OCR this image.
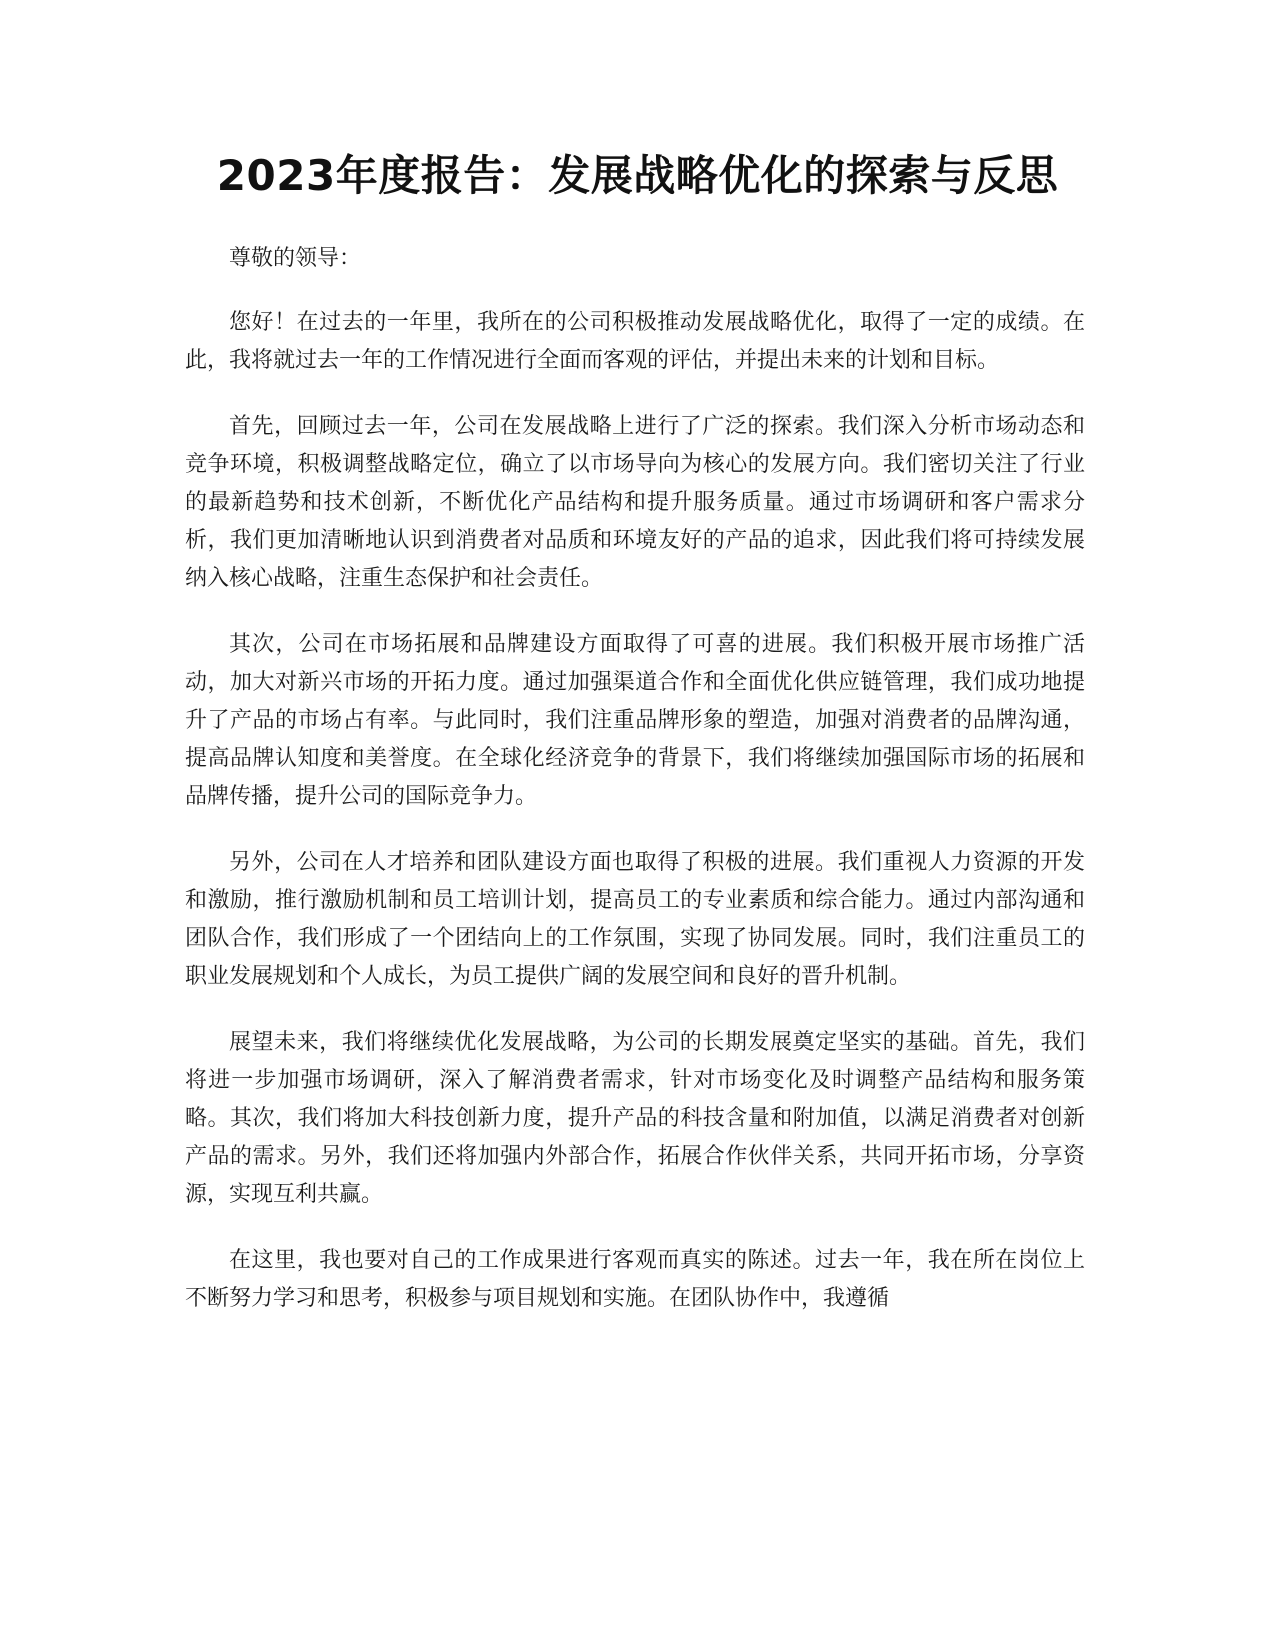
2023年度报告：发展战略优化的探索与反思

尊敬的领导：

您好！在过去的一年里，我所在的公司积极推动发展战略优化，取得了一定的成绩。在此，我将就过去一年的工作情况进行全面而客观的评估，并提出未来的计划和目标。

首先，回顾过去一年，公司在发展战略上进行了广泛的探索。我们深入分析市场动态和竞争环境，积极调整战略定位，确立了以市场导向为核心的发展方向。我们密切关注了行业的最新趋势和技术创新，不断优化产品结构和提升服务质量。通过市场调研和客户需求分析，我们更加清晰地认识到消费者对品质和环境友好的产品的追求，因此我们将可持续发展纳入核心战略，注重生态保护和社会责任。

其次，公司在市场拓展和品牌建设方面取得了可喜的进展。我们积极开展市场推广活动，加大对新兴市场的开拓力度。通过加强渠道合作和全面优化供应链管理，我们成功地提升了产品的市场占有率。与此同时，我们注重品牌形象的塑造，加强对消费者的品牌沟通，提高品牌认知度和美誉度。在全球化经济竞争的背景下，我们将继续加强国际市场的拓展和品牌传播，提升公司的国际竞争力。

另外，公司在人才培养和团队建设方面也取得了积极的进展。我们重视人力资源的开发和激励，推行激励机制和员工培训计划，提高员工的专业素质和综合能力。通过内部沟通和团队合作，我们形成了一个团结向上的工作氛围，实现了协同发展。同时，我们注重员工的职业发展规划和个人成长，为员工提供广阔的发展空间和良好的晋升机制。

展望未来，我们将继续优化发展战略，为公司的长期发展奠定坚实的基础。首先，我们将进一步加强市场调研，深入了解消费者需求，针对市场变化及时调整产品结构和服务策略。其次，我们将加大科技创新力度，提升产品的科技含量和附加值，以满足消费者对创新产品的需求。另外，我们还将加强内外部合作，拓展合作伙伴关系，共同开拓市场，分享资源，实现互利共赢。

在这里，我也要对自己的工作成果进行客观而真实的陈述。过去一年，我在所在岗位上不断努力学习和思考，积极参与项目规划和实施。在团队协作中，我遵循
